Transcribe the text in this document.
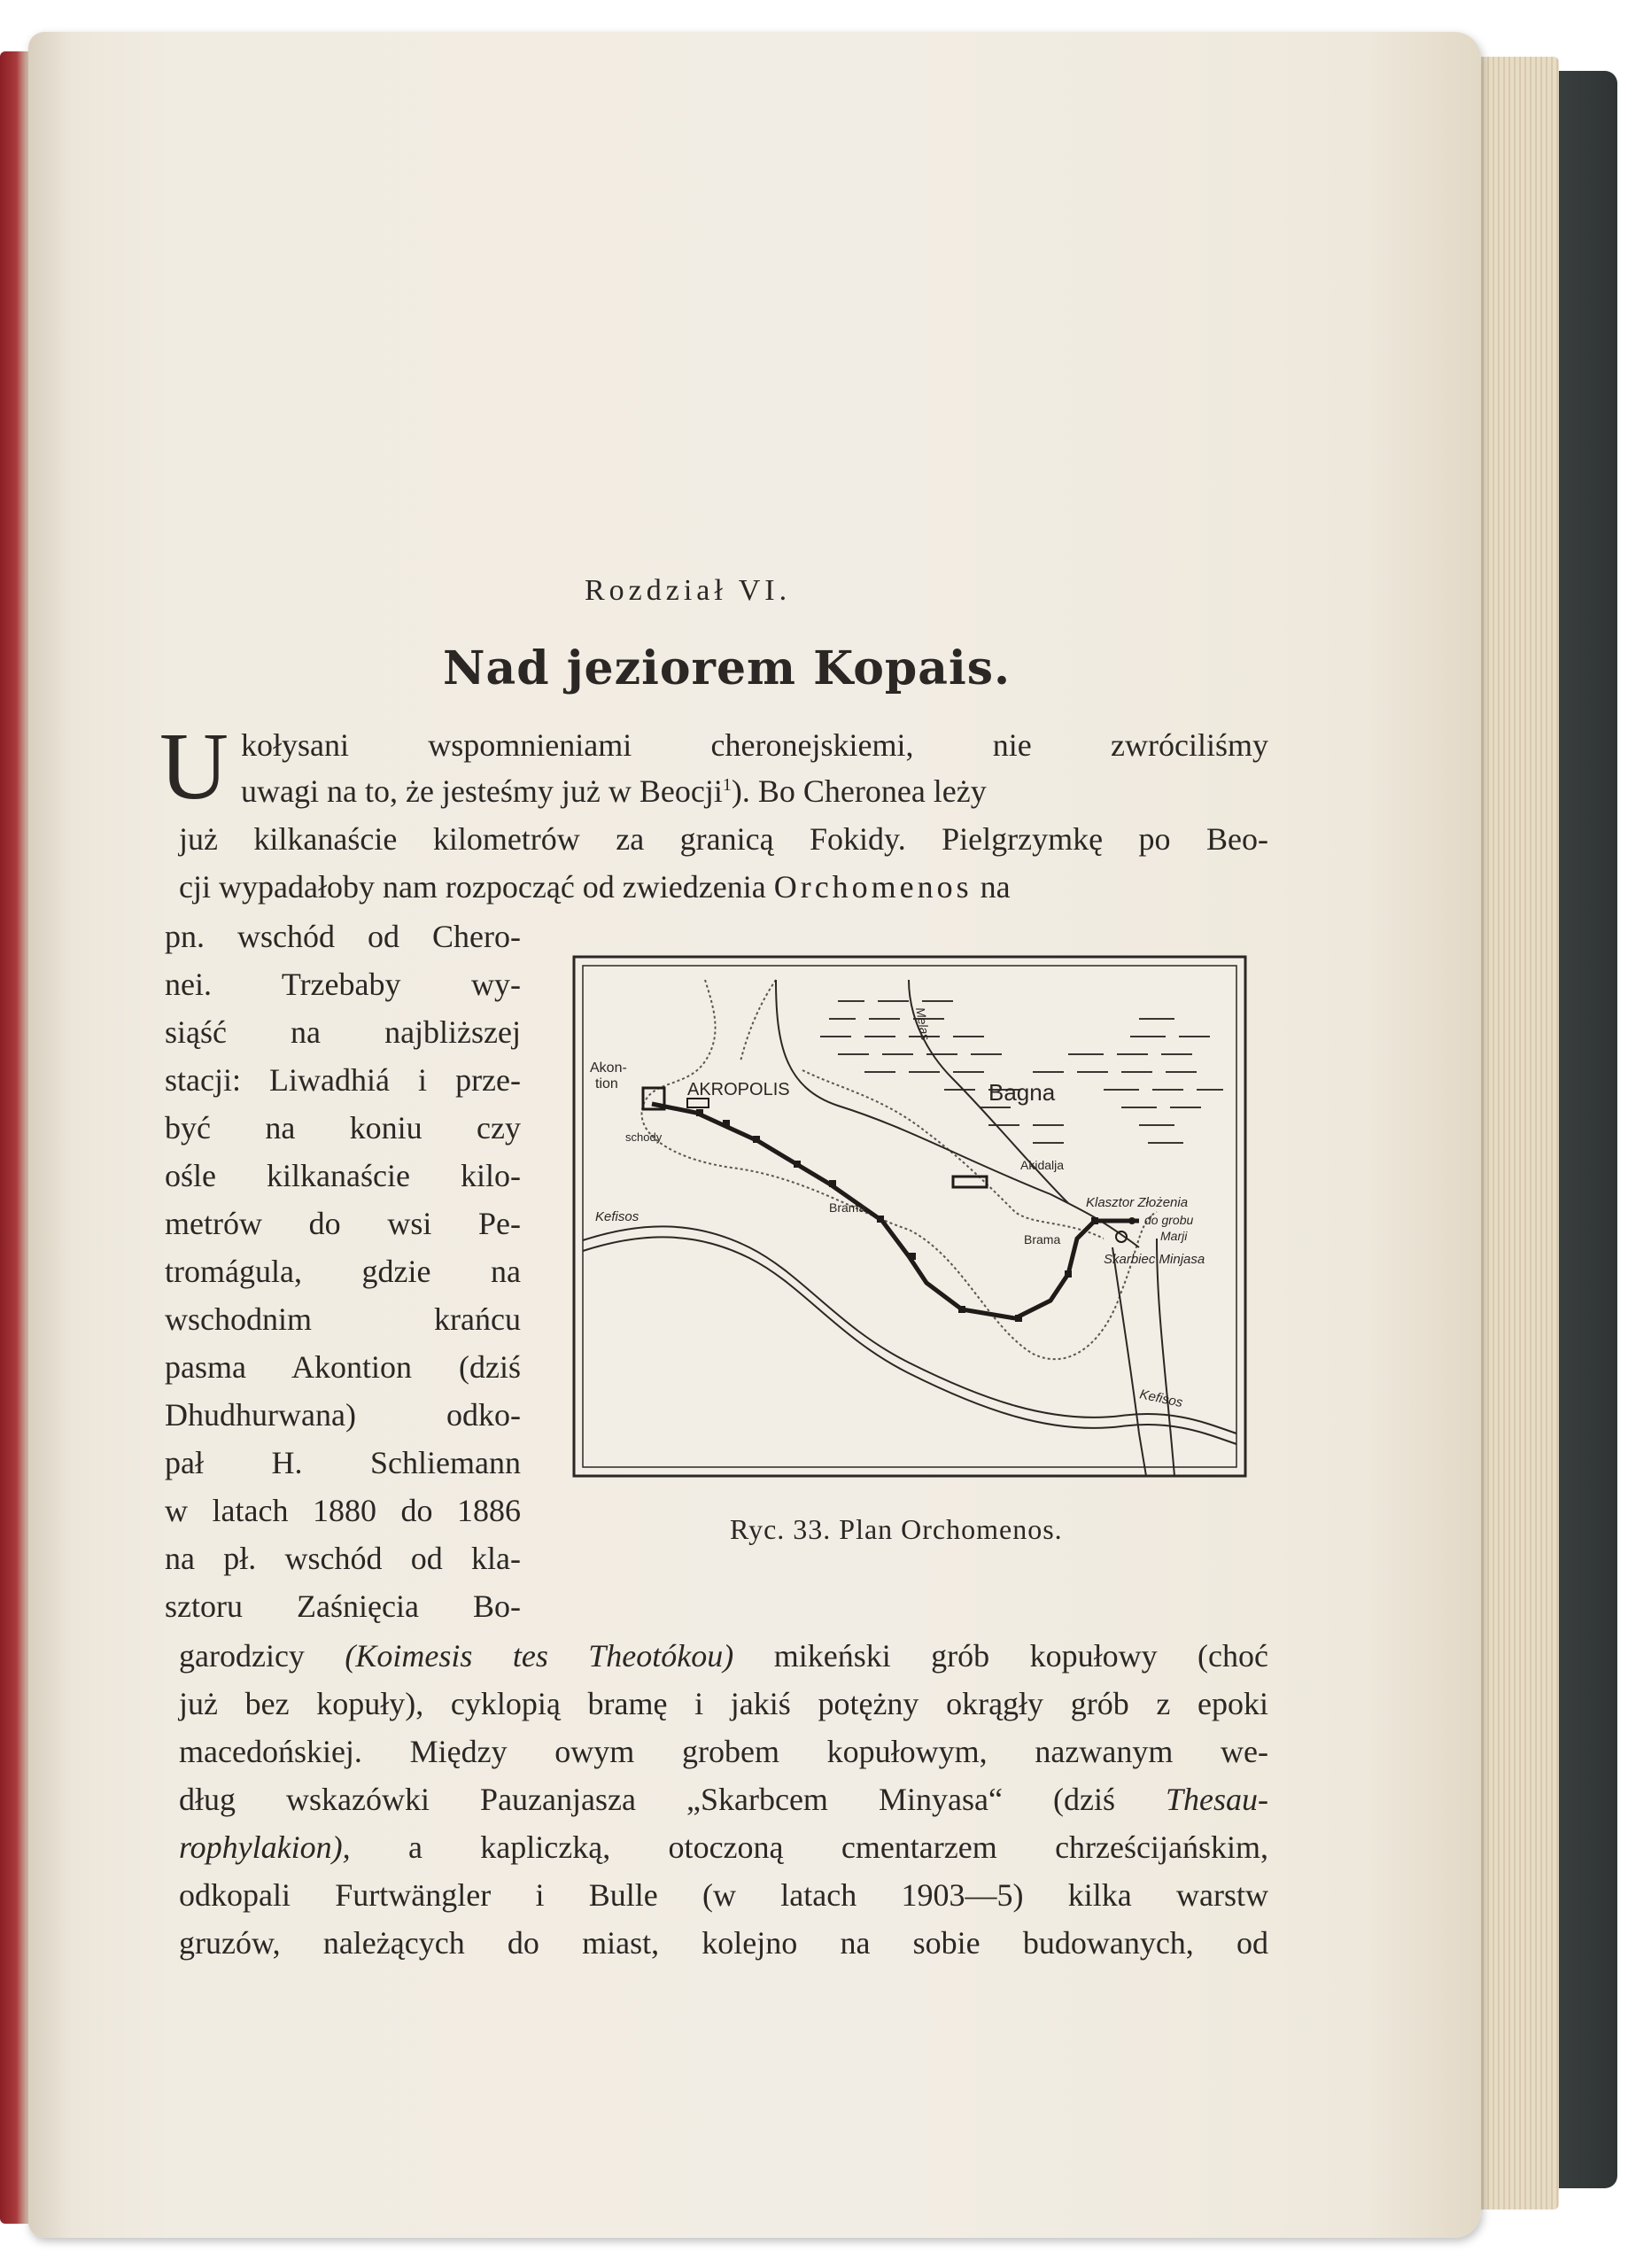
Rozdział VI.
Nad jeziorem Kopais.
U kołysani wspomnieniami cheronejskiemi, nie zwróciliśmy
uwagi na to, że jesteśmy już w Beocji$^1$). Bo Cheronea leży
już kilkanaście kilometrów za granicą Fokidy. Pielgrzymkę po Beo-
cji wypadałoby nam rozpocząć od zwiedzenia Orchomenos na
pn. wschód od Chero-
nei. Trzebaby wy-
siąść na najbliższej
stacji: Liwadhiá i prze-
być na koniu czy
ośle kilkanaście kilo-
metrów do wsi Pe-
tromágula, gdzie na
wschodnim krańcu
pasma Akontion (dziś
Dhudhurwana) odko-
pał H. Schliemann
w latach 1880 do 1886
na pł. wschód od kla-
sztoru Zaśnięcia Bo-
Akon-
tion	AKROPOLIS
schody
Bagna
Melas
Akidalja
Brama
Brama
Kefisos
Kefisos
Klasztor Złożenia
do grobu
Marji
Skarbiec Minjasa
Ryc. 33. Plan Orchomenos.
garodzicy (Koimesis tes Theotókou) mikeński grób kopułowy (choć
już bez kopuły), cyklopią bramę i jakiś potężny okrągły grób z epoki
macedońskiej. Między owym grobem kopułowym, nazwanym we-
dług wskazówki Pauzanjasza „Skarbcem Minyasa“ (dziś Thesau-
rophylakion), a kapliczką, otoczoną cmentarzem chrześcijańskim,
odkopali Furtwängler i Bulle (w latach 1903—5) kilka warstw
gruzów, należących do miast, kolejno na sobie budowanych, od
